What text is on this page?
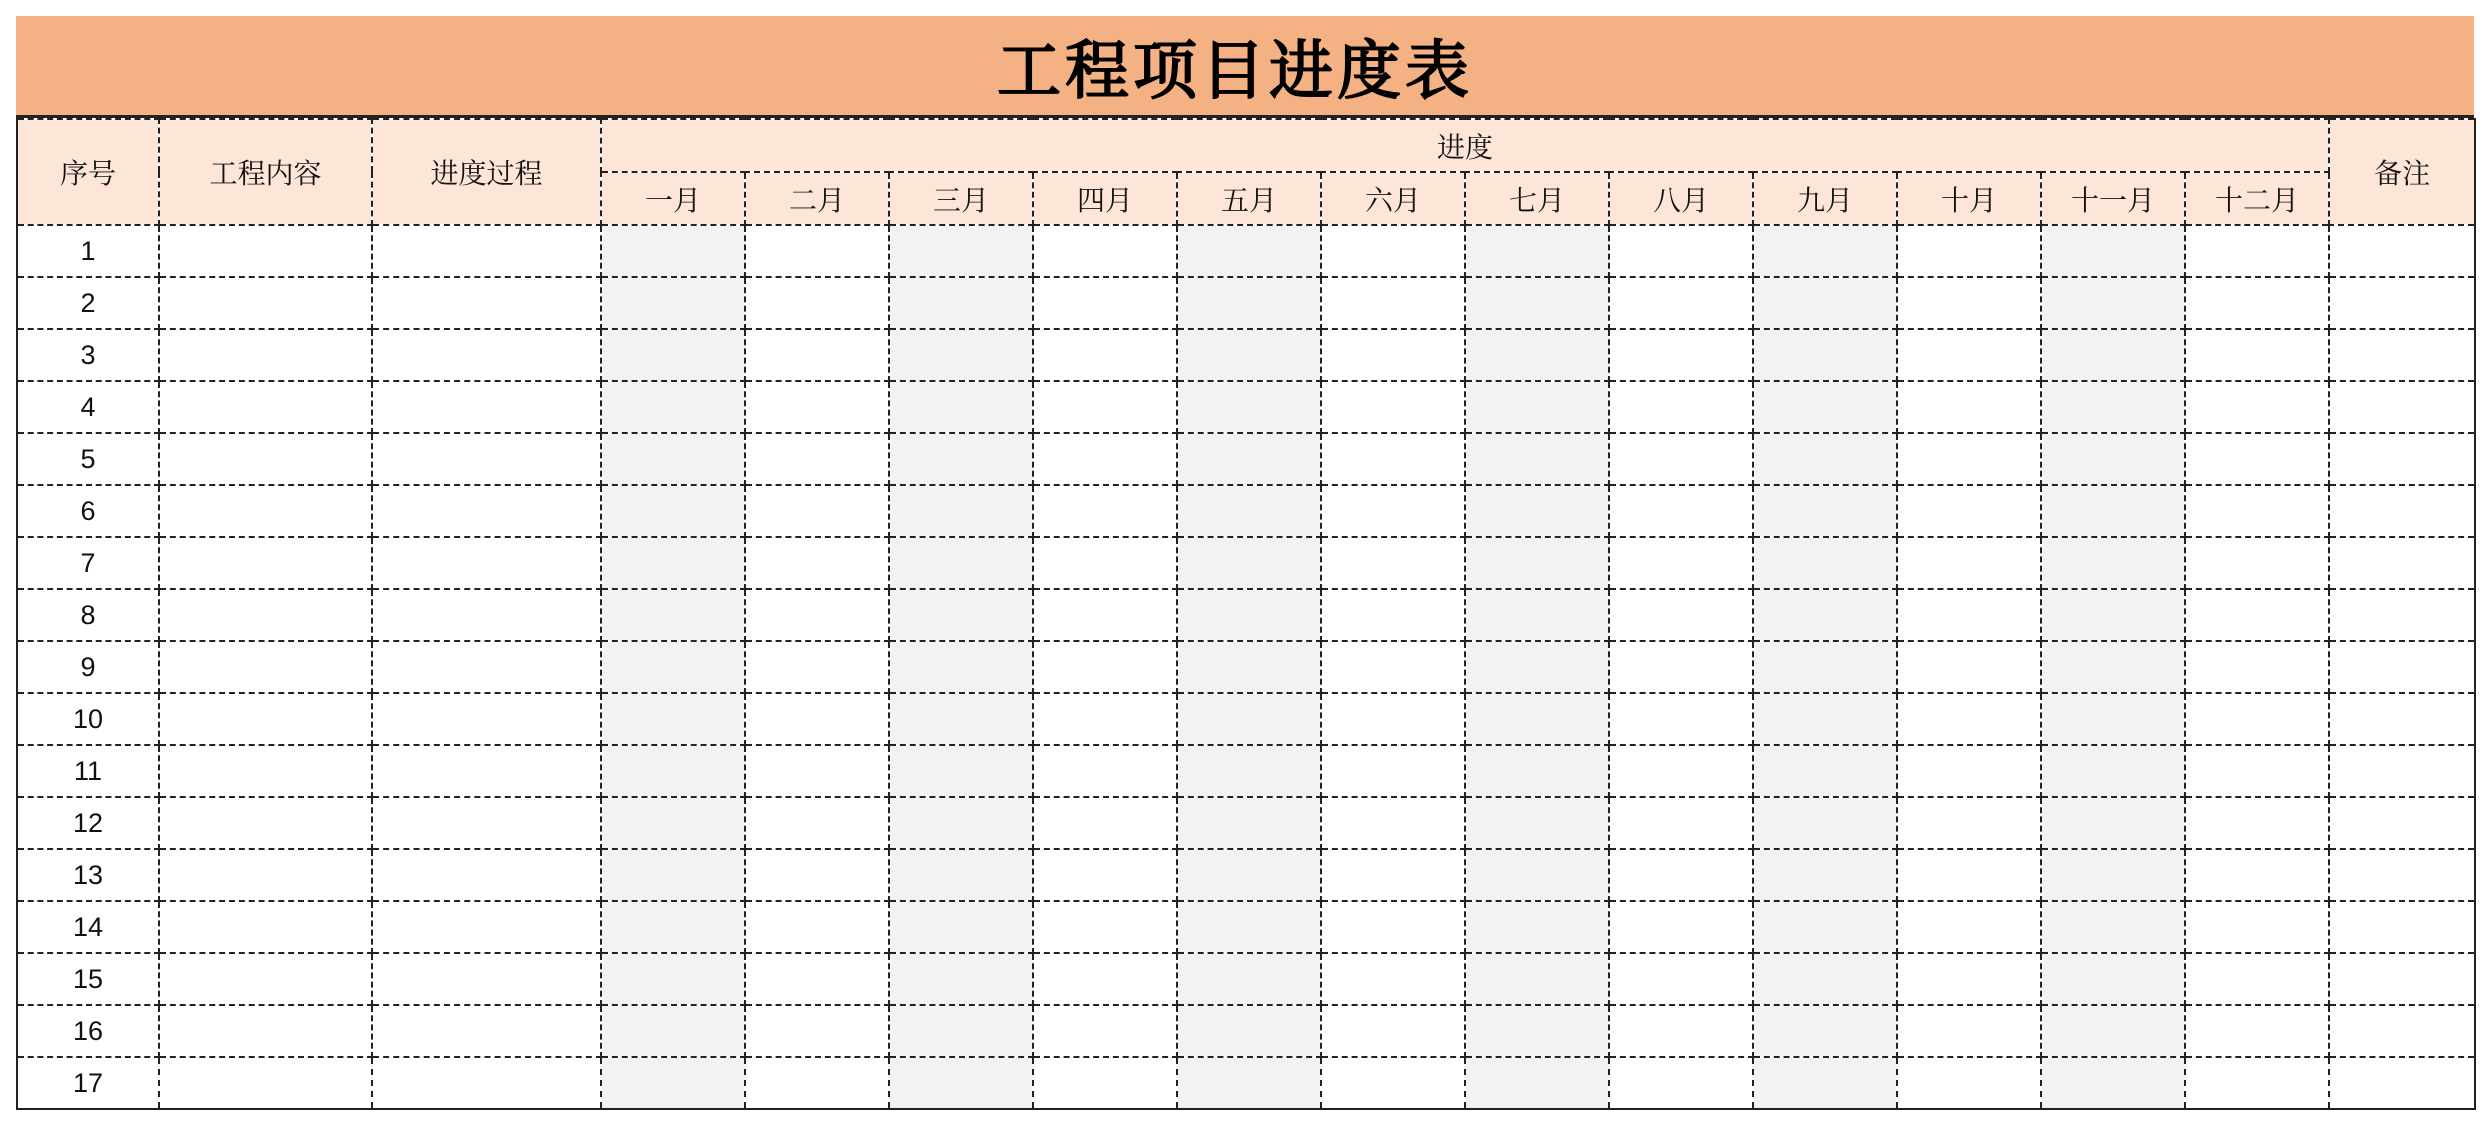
工程项目进度表
序号	工程内容	进度过程	进度												备注
			一月	二月	三月	四月	五月	六月	七月	八月	九月	十月	十一月	十二月	
1															
2															
3															
4															
5															
6															
7															
8															
9															
10															
11															
12															
13															
14															
15															
16															
17															
